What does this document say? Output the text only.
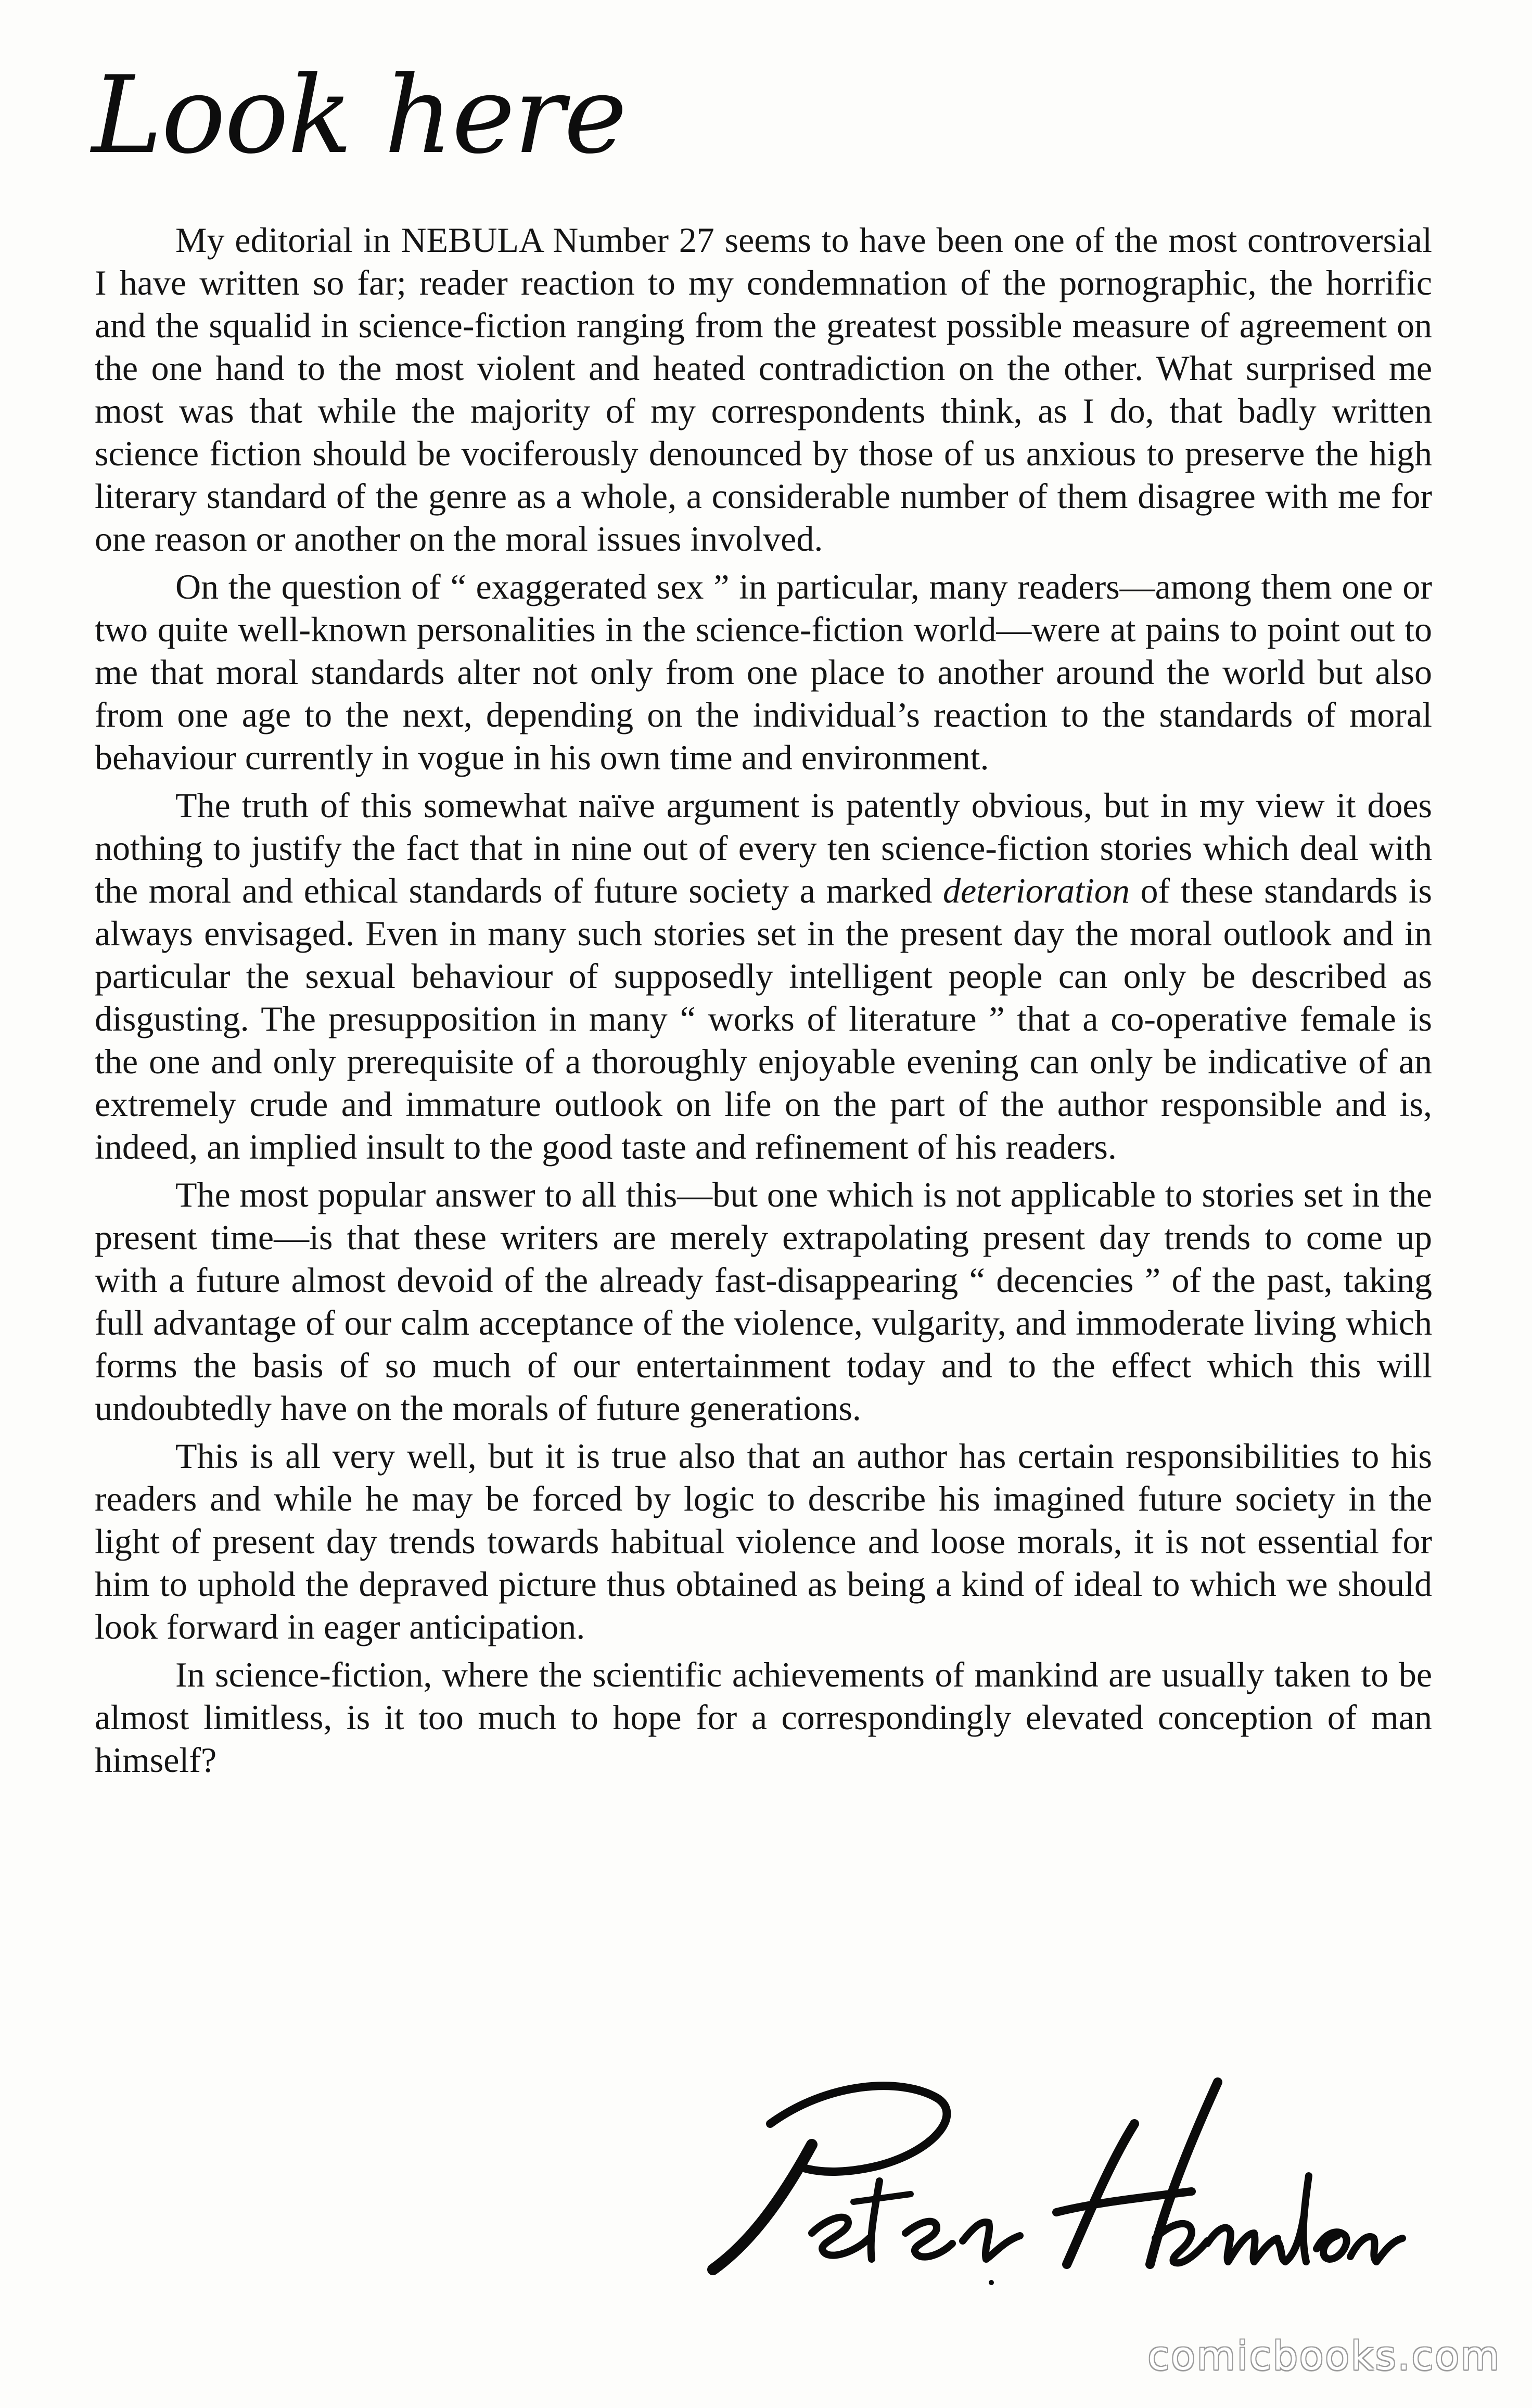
Look here

My editorial in NEBULA Number 27 seems to have been one of the most controversial I have written so far; reader reaction to my condemnation of the pornographic, the horrific and the squalid in science-fiction ranging from the greatest possible measure of agreement on the one hand to the most violent and heated contradiction on the other. What surprised me most was that while the majority of my correspondents think, as I do, that badly written science fiction should be vociferously denounced by those of us anxious to preserve the high literary standard of the genre as a whole, a considerable number of them disagree with me for one reason or another on the moral issues involved.

On the question of “ exaggerated sex ” in particular, many readers—among them one or two quite well-known personalities in the science-fiction world—were at pains to point out to me that moral standards alter not only from one place to another around the world but also from one age to the next, depending on the individual’s reaction to the standards of moral behaviour currently in vogue in his own time and environment.

The truth of this somewhat naïve argument is patently obvious, but in my view it does nothing to justify the fact that in nine out of every ten science-fiction stories which deal with the moral and ethical standards of future society a marked deterioration of these standards is always envisaged. Even in many such stories set in the present day the moral outlook and in particular the sexual behaviour of supposedly intelligent people can only be described as disgusting. The presupposition in many “ works of literature ” that a co-operative female is the one and only prerequisite of a thoroughly enjoyable evening can only be indicative of an extremely crude and immature outlook on life on the part of the author responsible and is, indeed, an implied insult to the good taste and refinement of his readers.

The most popular answer to all this—but one which is not applicable to stories set in the present time—is that these writers are merely extrapolating present day trends to come up with a future almost devoid of the already fast-disappearing “ decencies ” of the past, taking full advantage of our calm acceptance of the violence, vulgarity, and immoderate living which forms the basis of so much of our entertainment today and to the effect which this will undoubtedly have on the morals of future generations.

This is all very well, but it is true also that an author has certain responsibilities to his readers and while he may be forced by logic to describe his imagined future society in the light of present day trends towards habitual violence and loose morals, it is not essential for him to uphold the depraved picture thus obtained as being a kind of ideal to which we should look forward in eager anticipation.

In science-fiction, where the scientific achievements of mankind are usually taken to be almost limitless, is it too much to hope for a correspondingly elevated conception of man himself?

comicbooks.com
